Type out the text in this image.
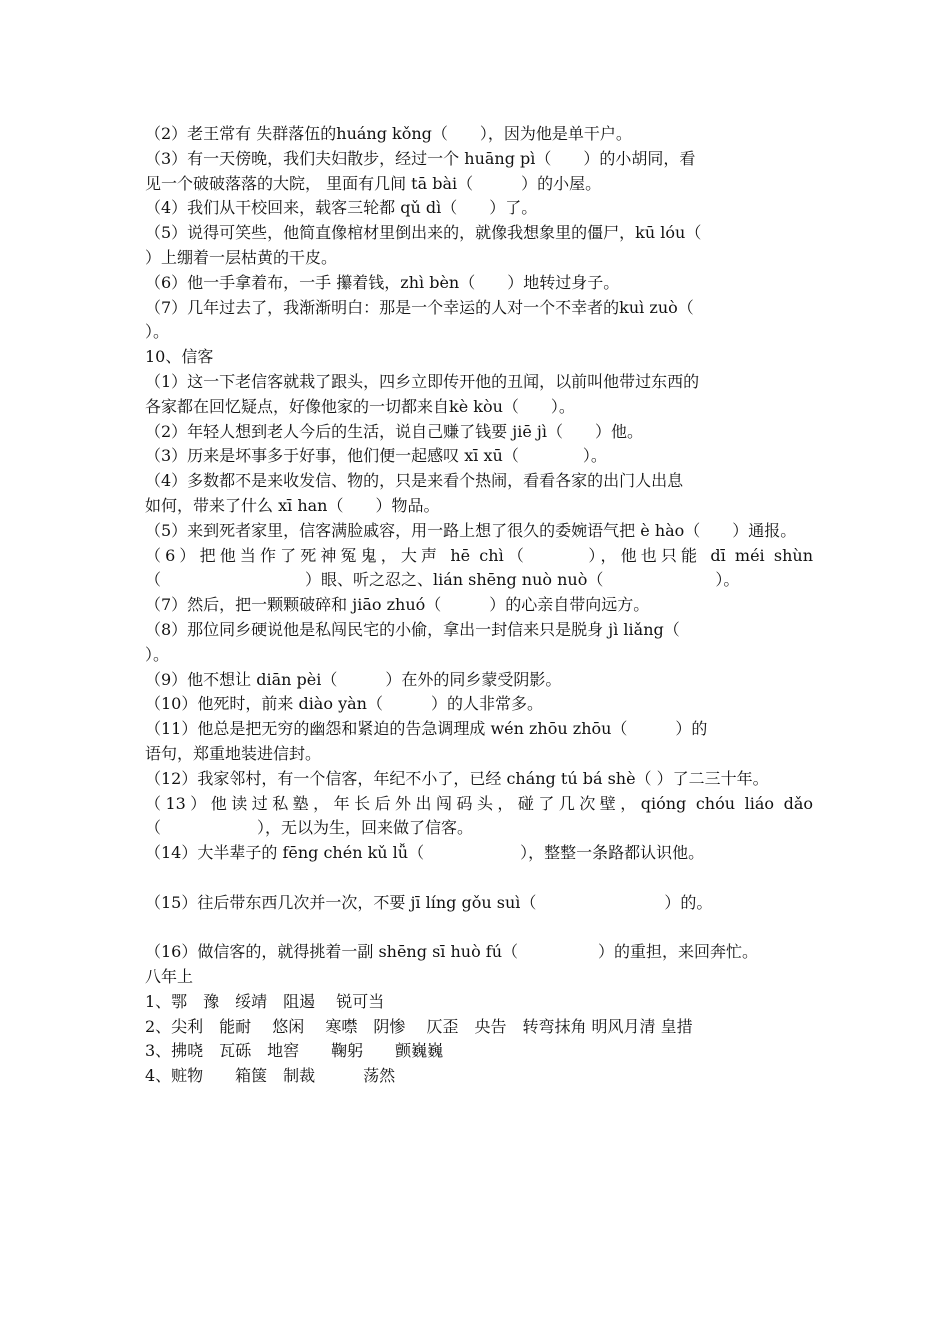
（2）老王常有 失群落伍的huáng kǒng（　　），因为他是单干户。
（3）有一天傍晚，我们夫妇散步，经过一个 huāng pì（　　）的小胡同，看
见一个破破落落的大院， 里面有几间 tā bài（　　　）的小屋。
（4）我们从干校回来，载客三轮都 qǔ dì（　　）了。
（5）说得可笑些，他简直像棺材里倒出来的，就像我想象里的僵尸，kū lóu（
）上绷着一层枯黄的干皮。
（6）他一手拿着布，一手 攥着钱，zhì bèn（　　）地转过身子。
（7）几年过去了，我渐渐明白：那是一个幸运的人对一个不幸者的kuì zuò（
）。
10、信客
（1）这一下老信客就栽了跟头，四乡立即传开他的丑闻，以前叫他带过东西的
各家都在回忆疑点，好像他家的一切都来自kè kòu（　　）。
（2）年轻人想到老人今后的生活，说自己赚了钱要 jiē jì（　　）他。
（3）历来是坏事多于好事，他们便一起感叹 xī xū（　　　　）。
（4）多数都不是来收发信、物的，只是来看个热闹，看看各家的出门人出息
如何，带来了什么 xī han（　　）物品。
（5）来到死者家里，信客满脸戚容，用一路上想了很久的委婉语气把 è hào（　　）通报。
（6）把他当作了死神冤鬼，大声 hē chì（　　　），他也只能 dī méi shùn（　　　　　　　　　）眼、听之忍之、lián shēng nuò nuò（　　　　　　　）。
（7）然后，把一颗颗破碎和 jiāo zhuó（　　　）的心亲自带向远方。
（8）那位同乡硬说他是私闯民宅的小偷，拿出一封信来只是脱身 jì liǎng（
）。
（9）他不想让 diān pèi（　　　）在外的同乡蒙受阴影。
（10）他死时，前来 diào yàn（　　　）的人非常多。
（11）他总是把无穷的幽怨和紧迫的告急调理成 wén zhōu zhōu（　　　）的
语句，郑重地装进信封。
（12）我家邻村，有一个信客，年纪不小了，已经 cháng tú bá shè（ ）了二三十年。
（13）他读过私塾，年长后外出闯码头，碰了几次壁，qióng chóu liáo dǎo（　　　　　　），无以为生，回来做了信客。
（14）大半辈子的 fēng chén kǔ lǚ（　　　　　　），整整一条路都认识他。
（15）往后带东西几次并一次，不要 jī líng gǒu suì（　　　　　　　　）的。
（16）做信客的，就得挑着一副 shēng sī huò fú（　　　　　）的重担，来回奔忙。
八年上
1、鄂　豫　绥靖　阻遏　 锐可当
2、尖利　能耐　 悠闲　 寒噤　阴惨　 仄歪　央告　转弯抹角 明风月清 皇措
3、拂哓　瓦砾　地窖　　鞠躬　　颤巍巍
4、赃物　　箱箧　制裁　　　荡然
